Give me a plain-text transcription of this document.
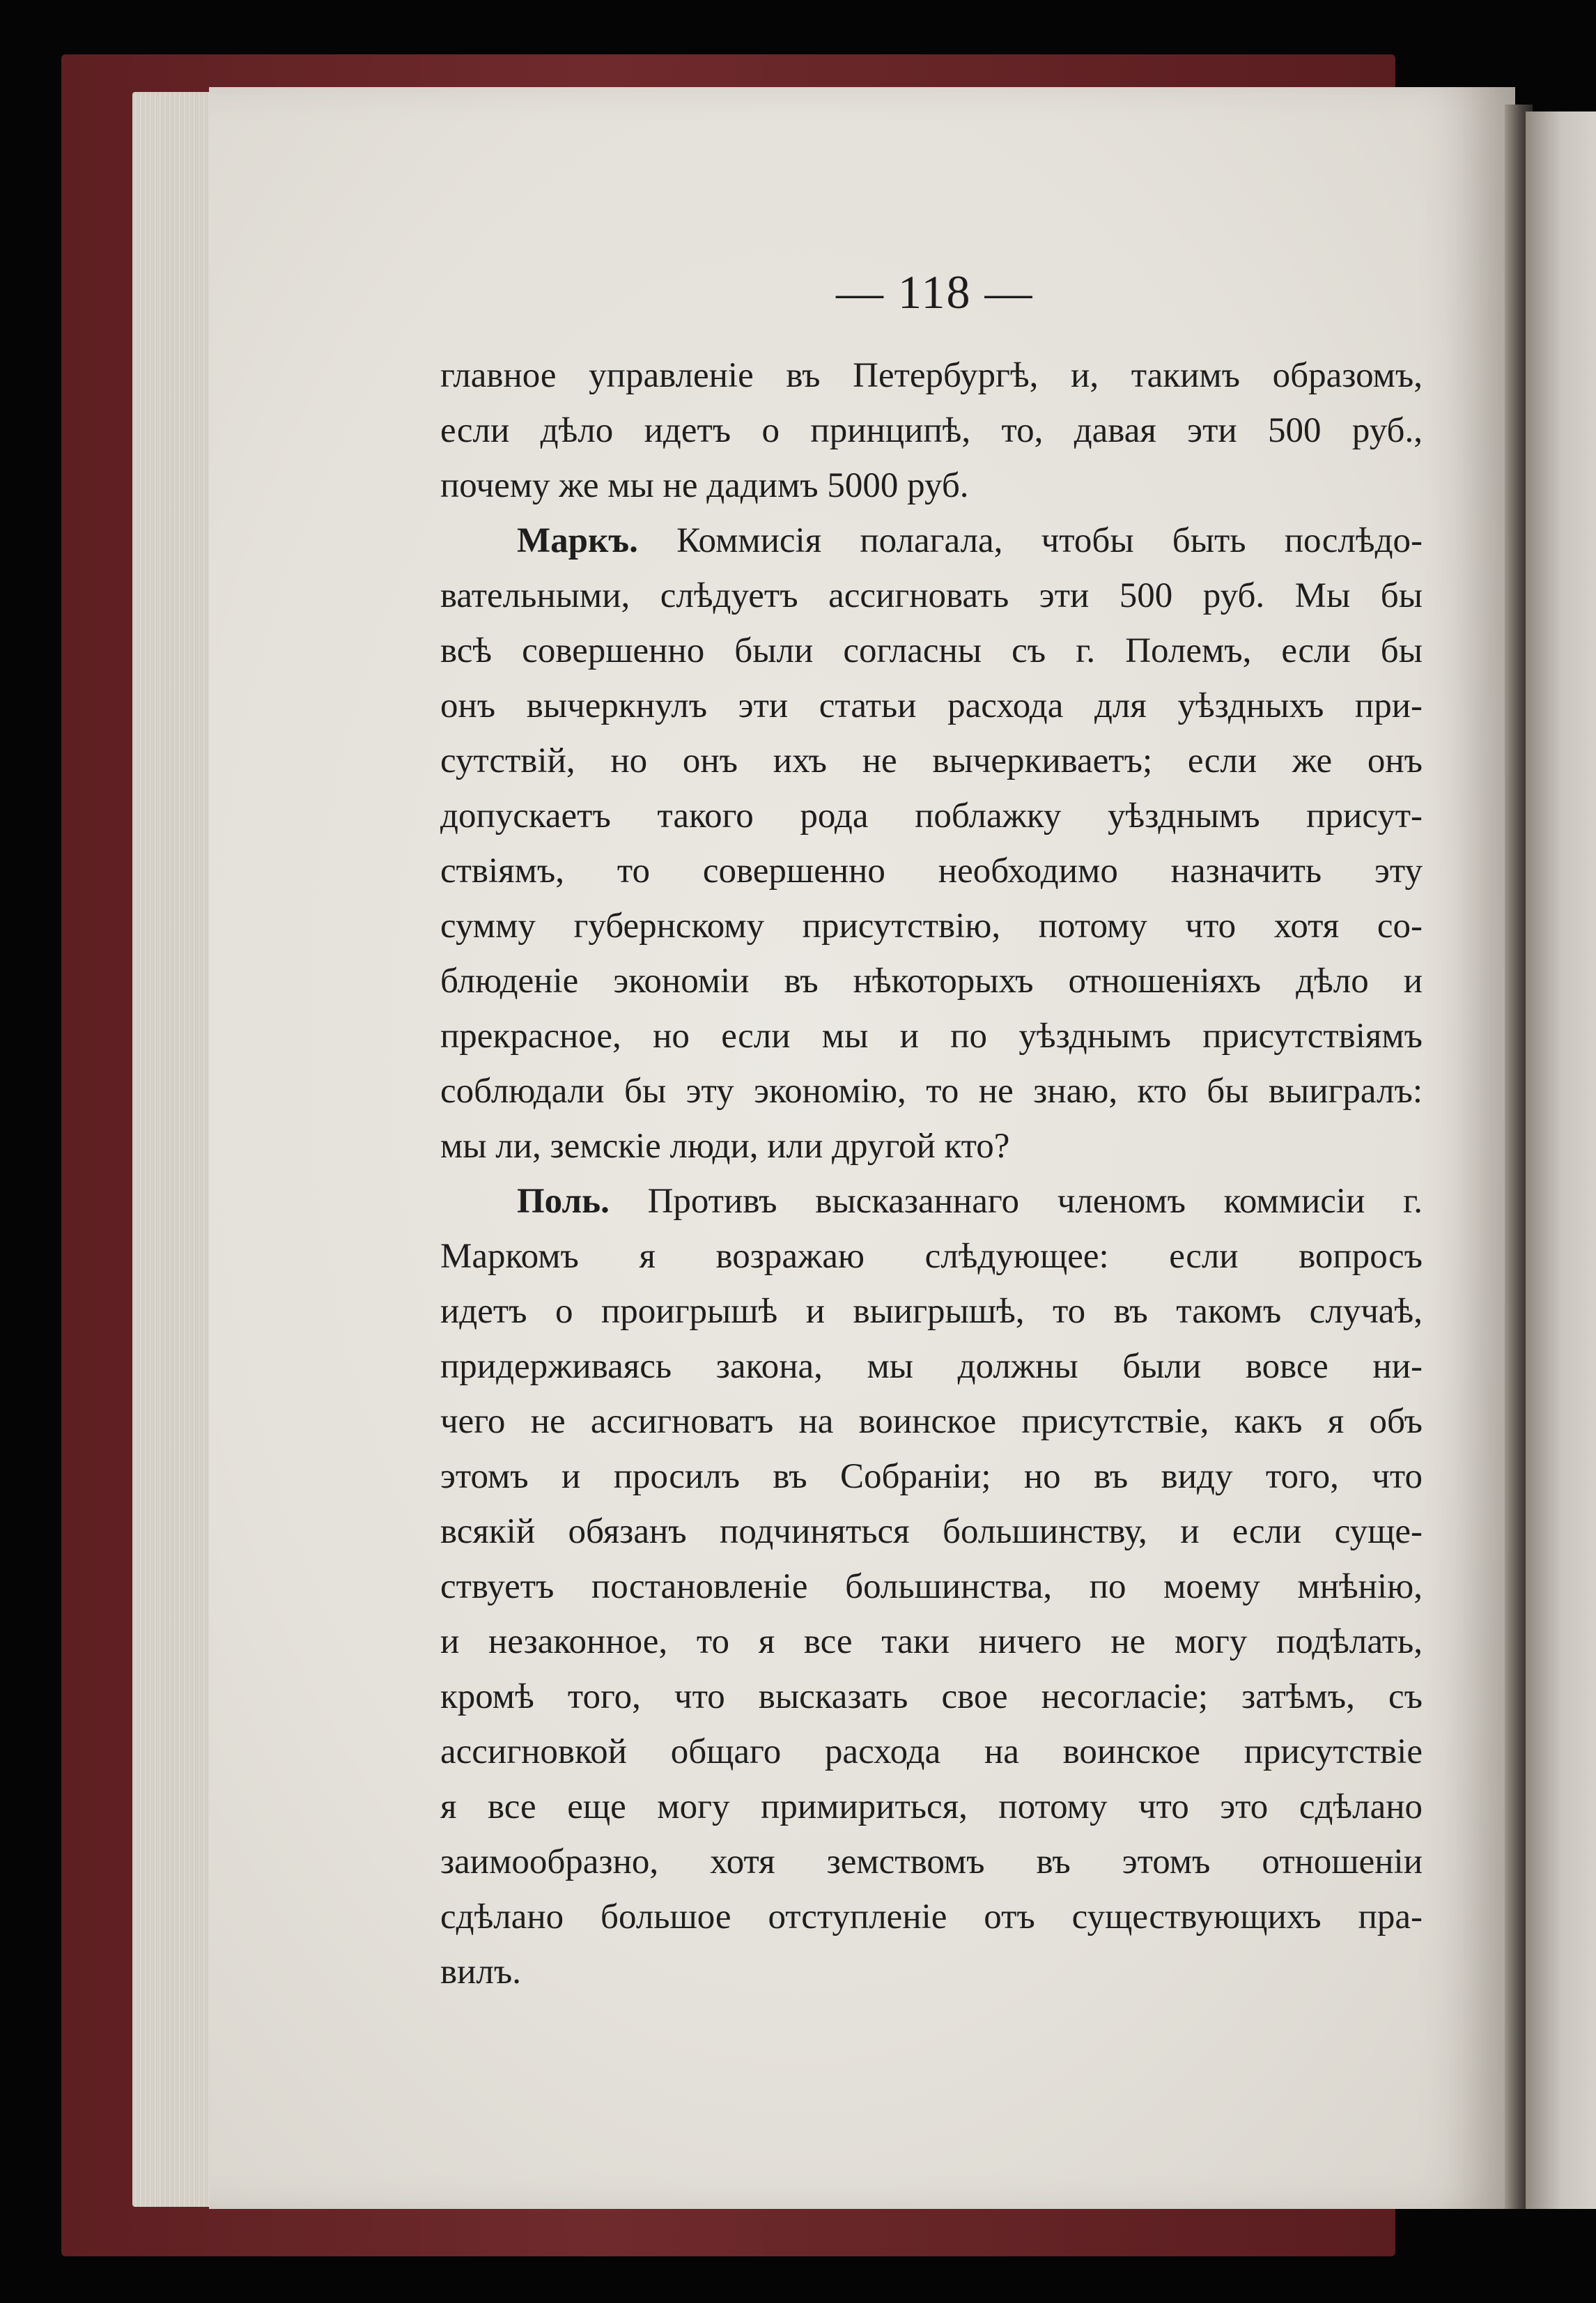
— 118 —
главное управленіе въ Петербургѣ, и, такимъ образомъ,
если дѣло идетъ о принципѣ, то, давая эти 500 руб.,
почему же мы не дадимъ 5000 руб.
Маркъ. Коммисія полагала, чтобы быть послѣдо-
вательными, слѣдуетъ ассигновать эти 500 руб. Мы бы
всѣ совершенно были согласны съ г. Полемъ, если бы
онъ вычеркнулъ эти статьи расхода для уѣздныхъ при-
сутствій, но онъ ихъ не вычеркиваетъ; если же онъ
допускаетъ такого рода поблажку уѣзднымъ присут-
ствіямъ, то совершенно необходимо назначить эту
сумму губернскому присутствію, потому что хотя со-
блюденіе экономіи въ нѣкоторыхъ отношеніяхъ дѣло и
прекрасное, но если мы и по уѣзднымъ присутствіямъ
соблюдали бы эту экономію, то не знаю, кто бы выигралъ:
мы ли, земскіе люди, или другой кто?
Поль. Противъ высказаннаго членомъ коммисіи г.
Маркомъ я возражаю слѣдующее: если вопросъ
идетъ о проигрышѣ и выигрышѣ, то въ такомъ случаѣ,
придерживаясь закона, мы должны были вовсе ни-
чего не ассигноватъ на воинское присутствіе, какъ я объ
этомъ и просилъ въ Собраніи; но въ виду того, что
всякій обязанъ подчиняться большинству, и если суще-
ствуетъ постановленіе большинства, по моему мнѣнію,
и незаконное, то я все таки ничего не могу подѣлать,
кромѣ того, что высказать свое несогласіе; затѣмъ, съ
ассигновкой общаго расхода на воинское присутствіе
я все еще могу примириться, потому что это сдѣлано
заимообразно, хотя земствомъ въ этомъ отношеніи
сдѣлано большое отступленіе отъ существующихъ пра-
вилъ.
